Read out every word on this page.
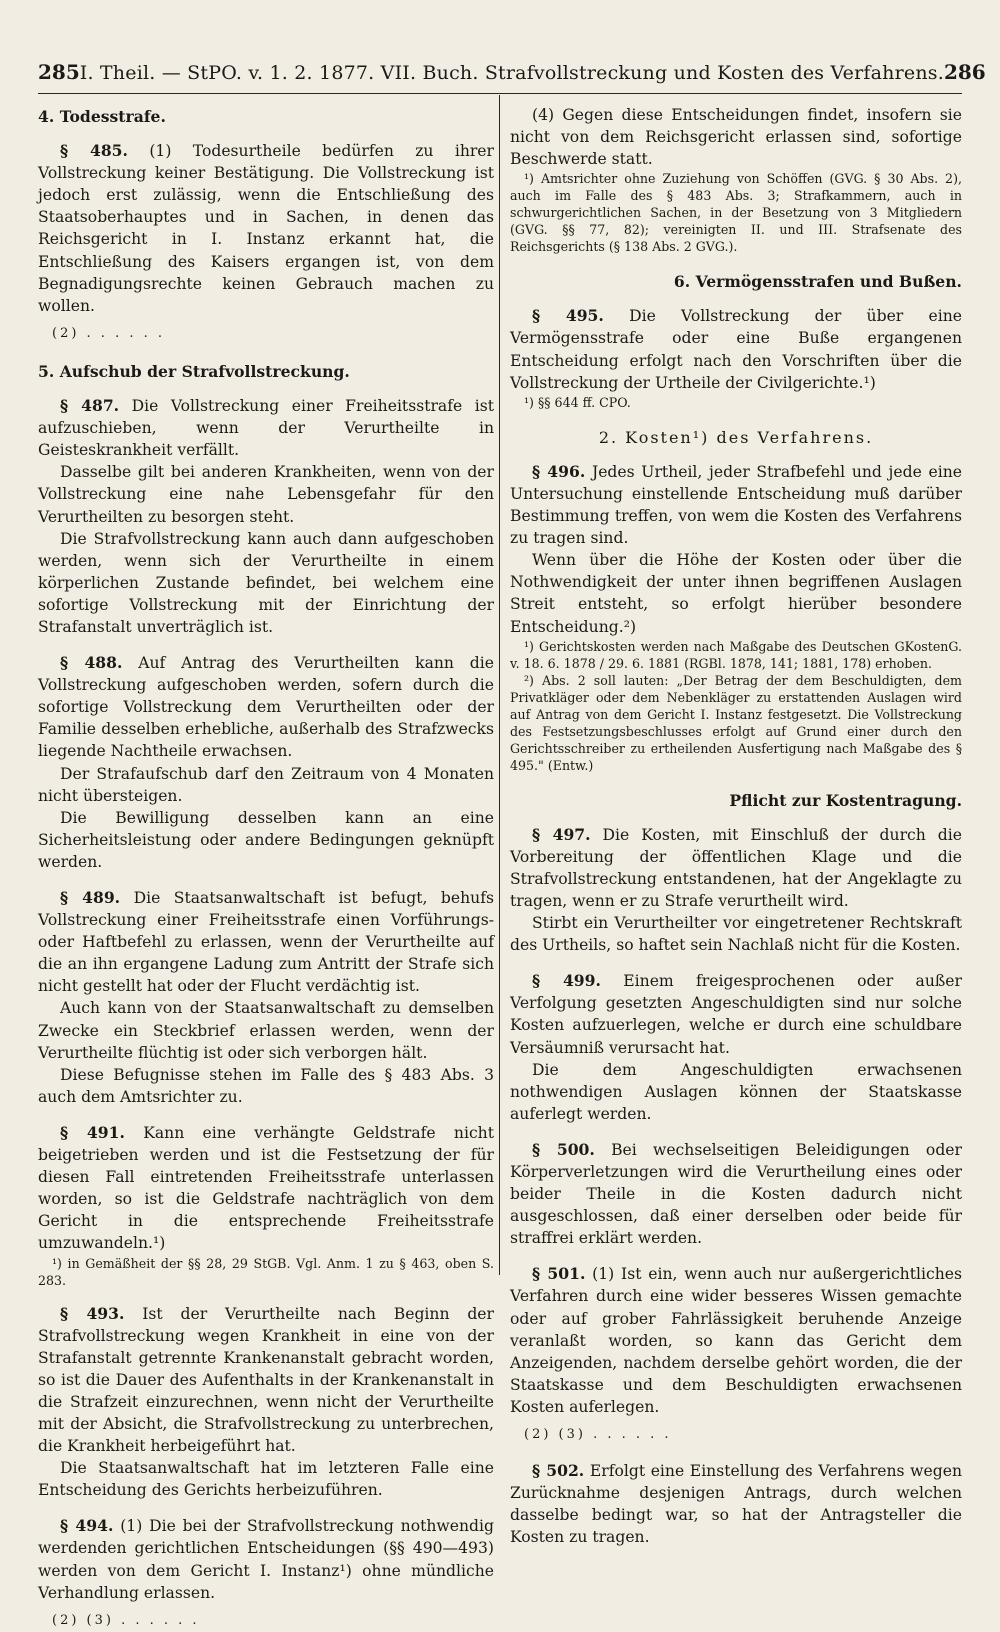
285 I. Theil. — StPO. v. 1. 2. 1877. VII. Buch. Strafvollstreckung und Kosten des Verfahrens. 286
4. Todesstrafe.

§ 485. (1) Todesurtheile bedürfen zu ihrer Vollstreckung keiner Bestätigung. Die Vollstreckung ist jedoch erst zulässig, wenn die Entschließung des Staatsoberhauptes und in Sachen, in denen das Reichsgericht in I. Instanz erkannt hat, die Entschließung des Kaisers ergangen ist, von dem Begnadigungsrechte keinen Gebrauch machen zu wollen.

(2) . . . . . .

5. Aufschub der Strafvollstreckung.

§ 487. Die Vollstreckung einer Freiheitsstrafe ist aufzuschieben, wenn der Verurtheilte in Geisteskrankheit verfällt.

Dasselbe gilt bei anderen Krankheiten, wenn von der Vollstreckung eine nahe Lebensgefahr für den Verurtheilten zu besorgen steht.

Die Strafvollstreckung kann auch dann aufgeschoben werden, wenn sich der Verurtheilte in einem körperlichen Zustande befindet, bei welchem eine sofortige Vollstreckung mit der Einrichtung der Strafanstalt unverträglich ist.

§ 488. Auf Antrag des Verurtheilten kann die Vollstreckung aufgeschoben werden, sofern durch die sofortige Vollstreckung dem Verurtheilten oder der Familie desselben erhebliche, außerhalb des Strafzwecks liegende Nachtheile erwachsen.

Der Strafaufschub darf den Zeitraum von 4 Monaten nicht übersteigen.

Die Bewilligung desselben kann an eine Sicherheitsleistung oder andere Bedingungen geknüpft werden.

§ 489. Die Staatsanwaltschaft ist befugt, behufs Vollstreckung einer Freiheitsstrafe einen Vorführungs- oder Haftbefehl zu erlassen, wenn der Verurtheilte auf die an ihn ergangene Ladung zum Antritt der Strafe sich nicht gestellt hat oder der Flucht verdächtig ist.

Auch kann von der Staatsanwaltschaft zu demselben Zwecke ein Steckbrief erlassen werden, wenn der Verurtheilte flüchtig ist oder sich verborgen hält.

Diese Befugnisse stehen im Falle des § 483 Abs. 3 auch dem Amtsrichter zu.

§ 491. Kann eine verhängte Geldstrafe nicht beigetrieben werden und ist die Festsetzung der für diesen Fall eintretenden Freiheitsstrafe unterlassen worden, so ist die Geldstrafe nachträglich von dem Gericht in die entsprechende Freiheitsstrafe umzuwandeln.¹)

¹) in Gemäßheit der §§ 28, 29 StGB. Vgl. Anm. 1 zu § 463, oben S. 283.

§ 493. Ist der Verurtheilte nach Beginn der Strafvollstreckung wegen Krankheit in eine von der Strafanstalt getrennte Krankenanstalt gebracht worden, so ist die Dauer des Aufenthalts in der Krankenanstalt in die Strafzeit einzurechnen, wenn nicht der Verurtheilte mit der Absicht, die Strafvollstreckung zu unterbrechen, die Krankheit herbeigeführt hat.

Die Staatsanwaltschaft hat im letzteren Falle eine Entscheidung des Gerichts herbeizuführen.

§ 494. (1) Die bei der Strafvollstreckung nothwendig werdenden gerichtlichen Entscheidungen (§§ 490—493) werden von dem Gericht I. Instanz¹) ohne mündliche Verhandlung erlassen.

(2) (3) . . . . . .

(4) Gegen diese Entscheidungen findet, insofern sie nicht von dem Reichsgericht erlassen sind, sofortige Beschwerde statt.

¹) Amtsrichter ohne Zuziehung von Schöffen (GVG. § 30 Abs. 2), auch im Falle des § 483 Abs. 3; Strafkammern, auch in schwurgerichtlichen Sachen, in der Besetzung von 3 Mitgliedern (GVG. §§ 77, 82); vereinigten II. und III. Strafsenate des Reichsgerichts (§ 138 Abs. 2 GVG.).

6. Vermögensstrafen und Bußen.

§ 495. Die Vollstreckung der über eine Vermögensstrafe oder eine Buße ergangenen Entscheidung erfolgt nach den Vorschriften über die Vollstreckung der Urtheile der Civilgerichte.¹)

¹) §§ 644 ff. CPO.

2. Kosten¹) des Verfahrens.

§ 496. Jedes Urtheil, jeder Strafbefehl und jede eine Untersuchung einstellende Entscheidung muß darüber Bestimmung treffen, von wem die Kosten des Verfahrens zu tragen sind.

Wenn über die Höhe der Kosten oder über die Nothwendigkeit der unter ihnen begriffenen Auslagen Streit entsteht, so erfolgt hierüber besondere Entscheidung.²)

¹) Gerichtskosten werden nach Maßgabe des Deutschen GKostenG. v. 18. 6. 1878 / 29. 6. 1881 (RGBl. 1878, 141; 1881, 178) erhoben.

²) Abs. 2 soll lauten: „Der Betrag der dem Beschuldigten, dem Privatkläger oder dem Nebenkläger zu erstattenden Auslagen wird auf Antrag von dem Gericht I. Instanz festgesetzt. Die Vollstreckung des Festsetzungsbeschlusses erfolgt auf Grund einer durch den Gerichtsschreiber zu ertheilenden Ausfertigung nach Maßgabe des § 495." (Entw.)

Pflicht zur Kostentragung.

§ 497. Die Kosten, mit Einschluß der durch die Vorbereitung der öffentlichen Klage und die Strafvollstreckung entstandenen, hat der Angeklagte zu tragen, wenn er zu Strafe verurtheilt wird.

Stirbt ein Verurtheilter vor eingetretener Rechtskraft des Urtheils, so haftet sein Nachlaß nicht für die Kosten.

§ 499. Einem freigesprochenen oder außer Verfolgung gesetzten Angeschuldigten sind nur solche Kosten aufzuerlegen, welche er durch eine schuldbare Versäumniß verursacht hat.

Die dem Angeschuldigten erwachsenen nothwendigen Auslagen können der Staatskasse auferlegt werden.

§ 500. Bei wechselseitigen Beleidigungen oder Körperverletzungen wird die Verurtheilung eines oder beider Theile in die Kosten dadurch nicht ausgeschlossen, daß einer derselben oder beide für straffrei erklärt werden.

§ 501. (1) Ist ein, wenn auch nur außergerichtliches Verfahren durch eine wider besseres Wissen gemachte oder auf grober Fahrlässigkeit beruhende Anzeige veranlaßt worden, so kann das Gericht dem Anzeigenden, nachdem derselbe gehört worden, die der Staatskasse und dem Beschuldigten erwachsenen Kosten auferlegen.

(2) (3) . . . . . .

§ 502. Erfolgt eine Einstellung des Verfahrens wegen Zurücknahme desjenigen Antrags, durch welchen dasselbe bedingt war, so hat der Antragsteller die Kosten zu tragen.
